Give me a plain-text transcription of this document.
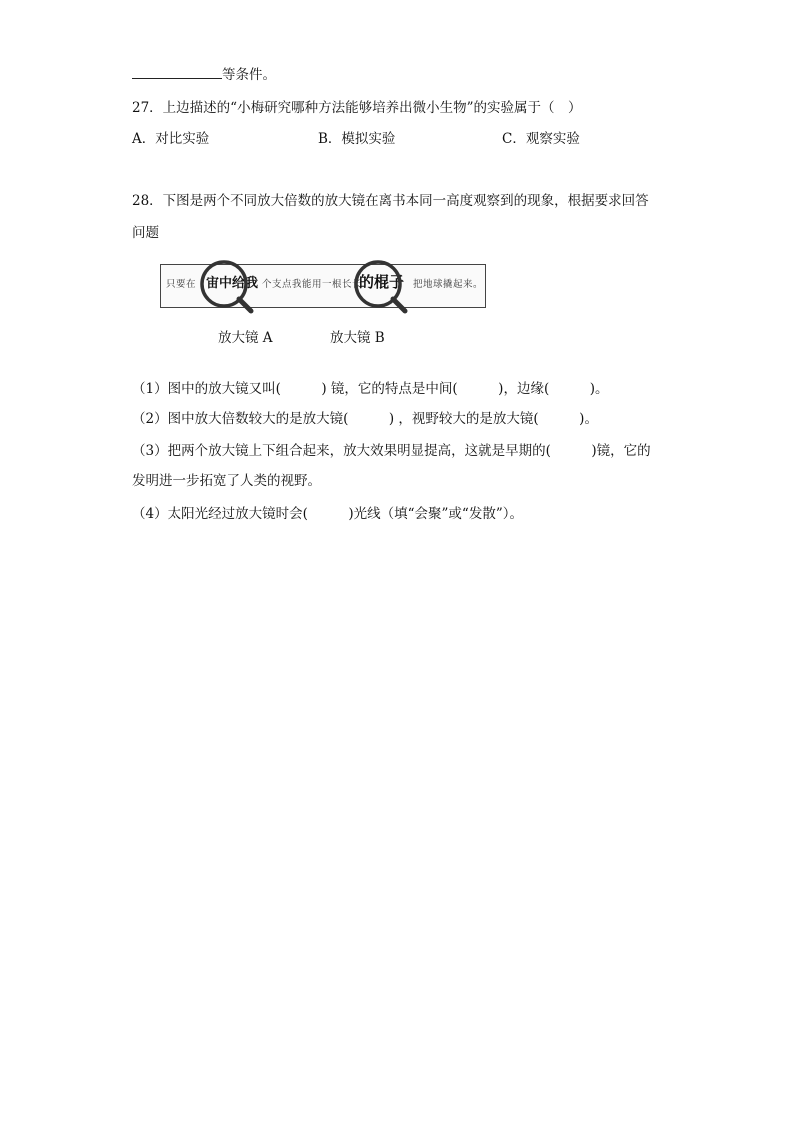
等条件。
27．上边描述的“小梅研究哪种方法能够培养出微小生物”的实验属于（　）
A．对比实验	B．模拟实验	C．观察实验
28．下图是两个不同放大倍数的放大镜在离书本同一高度观察到的现象，根据要求回答
问题
只要在 宙中给我 个支点我能用一根长长
的棍子 把地球撬起来。
放大镜 A	放大镜 B
（1）图中的放大镜又叫(　　　) 镜，它的特点是中间(　　　)，边缘(　　　)。
（2）图中放大倍数较大的是放大镜(　　　) ，视野较大的是放大镜(　　　)。
（3）把两个放大镜上下组合起来，放大效果明显提高，这就是早期的(　　　)镜，它的
发明进一步拓宽了人类的视野。
（4）太阳光经过放大镜时会(　　　)光线（填“会聚”或“发散”）。
